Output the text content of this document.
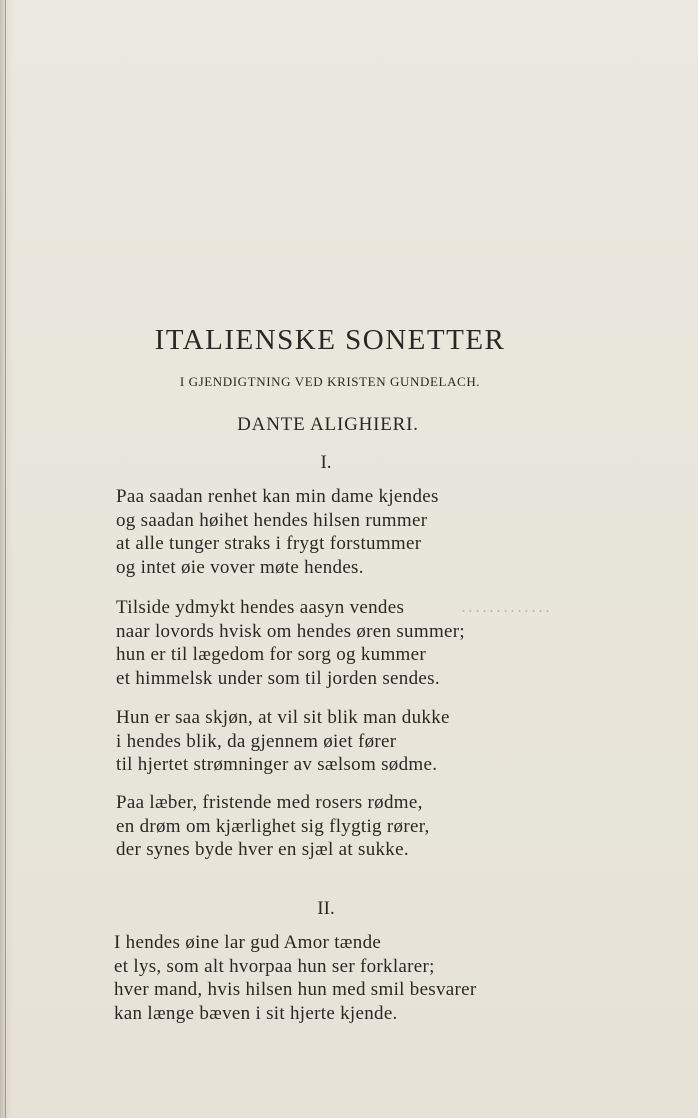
ITALIENSKE SONETTER
I GJENDIGTNING VED KRISTEN GUNDELACH.
DANTE ALIGHIERI.
I.
Paa saadan renhet kan min dame kjendes
og saadan høihet hendes hilsen rummer
at alle tunger straks i frygt forstummer
og intet øie vover møte hendes.
Tilside ydmykt hendes aasyn vendes
naar lovords hvisk om hendes øren summer;
hun er til lægedom for sorg og kummer
et himmelsk under som til jorden sendes.
Hun er saa skjøn, at vil sit blik man dukke
i hendes blik, da gjennem øiet fører
til hjertet strømninger av sælsom sødme.
Paa læber, fristende med rosers rødme,
en drøm om kjærlighet sig flygtig rører,
der synes byde hver en sjæl at sukke.
II.
I hendes øine lar gud Amor tænde
et lys, som alt hvorpaa hun ser forklarer;
hver mand, hvis hilsen hun med smil besvarer
kan længe bæven i sit hjerte kjende.
